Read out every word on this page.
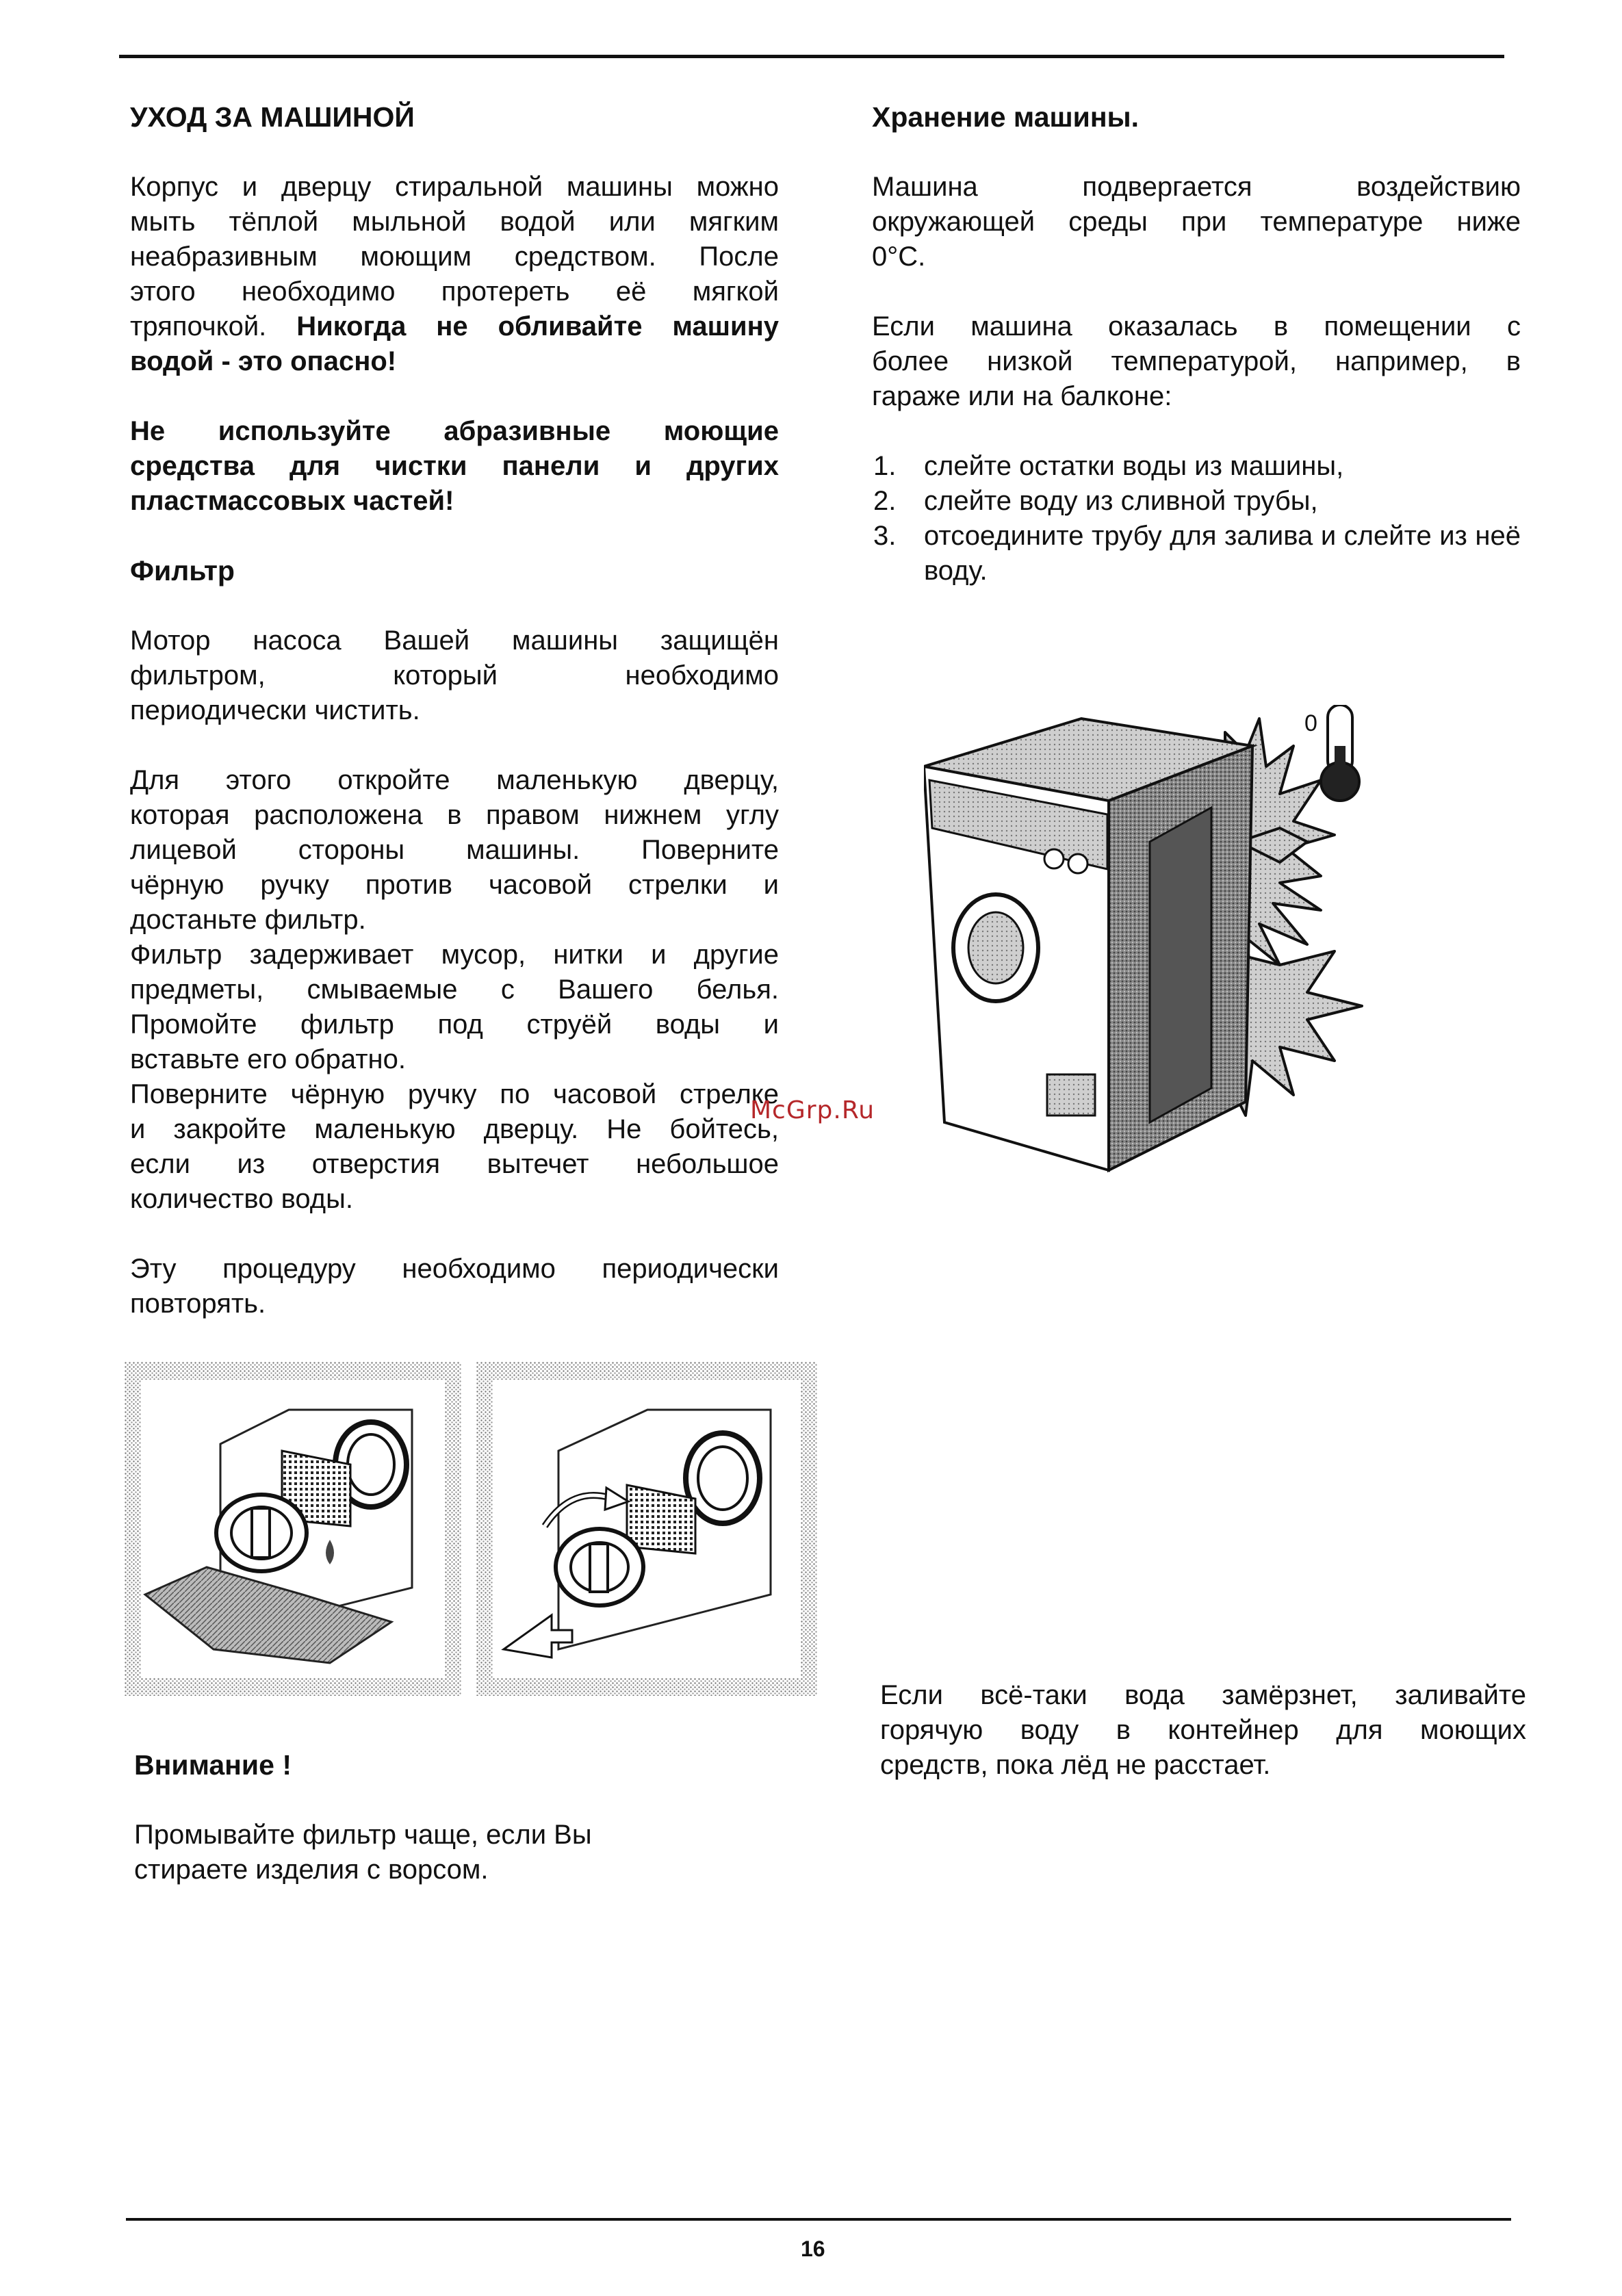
УХОД ЗА МАШИНОЙ

Корпус и дверцу стиральной машины можно

мыть тёплой мыльной водой или мягким

неабразивным моющим средством. После

этого необходимо протереть её мягкой

тряпочкой. Никогда не обливайте машину

водой - это опасно!

Не используйте абразивные моющие

средства для чистки панели и других

пластмассовых частей!

Фильтр

Мотор насоса Вашей машины защищён

фильтром, который необходимо

периодически чистить.

Для этого откройте маленькую дверцу,

которая расположена в правом нижнем углу

лицевой стороны машины. Поверните

чёрную ручку против часовой стрелки и

достаньте фильтр.

Фильтр задерживает мусор, нитки и другие

предметы, смываемые с Вашего белья.

Промойте фильтр под струёй воды и

вставьте его обратно.

Поверните чёрную ручку по часовой стрелке

и закройте маленькую дверцу. Не бойтесь,

если из отверстия вытечет небольшое

количество воды.

Эту процедуру необходимо периодически

повторять.

Внимание !

Промывайте фильтр чаще, если Вы

стираете изделия с ворсом.

Хранение машины.

Машина подвергается воздействию

окружающей среды при температуре ниже

0°С.

Если машина оказалась в помещении с

более низкой температурой, например, в

гараже или на балконе:

1. слейте остатки воды из машины,
2. слейте воду из сливной трубы,
3. отсоедините трубу для залива и слейте из неё воду.
0

Если всё-таки вода замёрзнет, заливайте

горячую воду в контейнер для моющих

средств, пока лёд не расстает.

McGrp.Ru
16
